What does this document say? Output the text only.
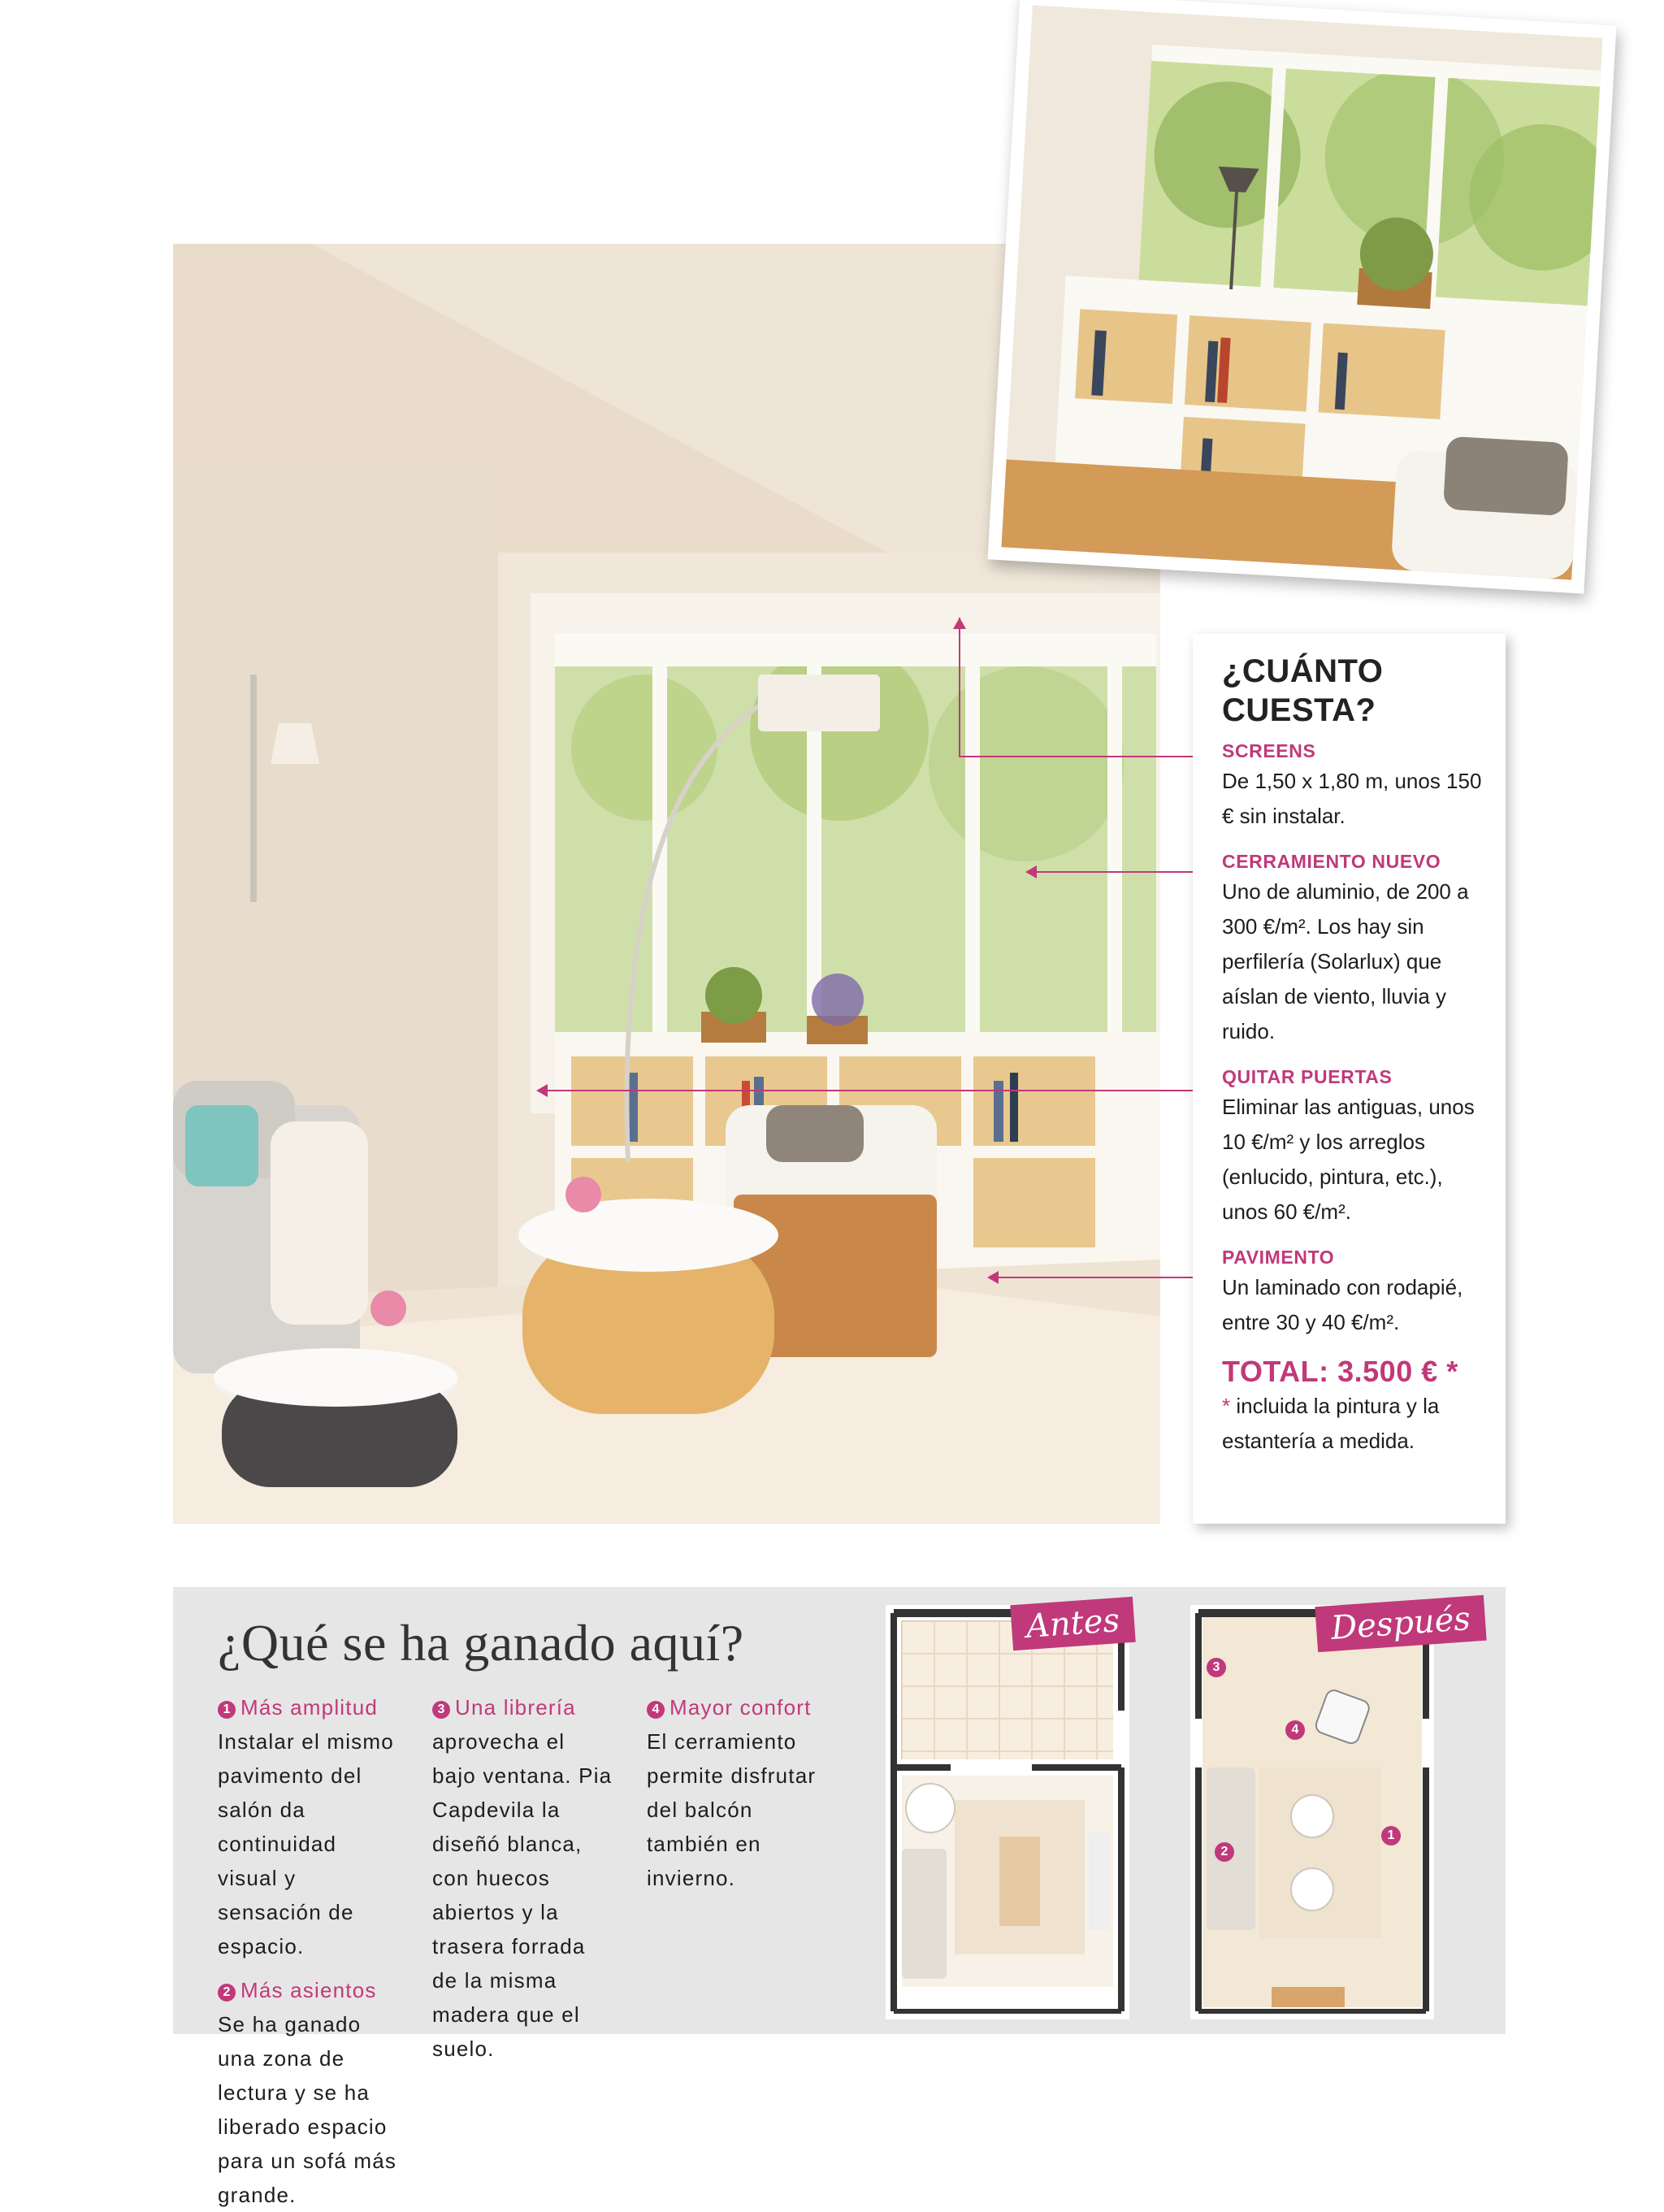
¿CUÁNTO CUESTA?
SCREENS
De 1,50 x 1,80 m, unos 150 € sin instalar.
CERRAMIENTO NUEVO
Uno de aluminio, de 200 a 300 €/m². Los hay sin perfilería (Solarlux) que aíslan de viento, lluvia y ruido.
QUITAR PUERTAS
Eliminar las antiguas, unos 10 €/m² y los arreglos (enlucido, pintura, etc.), unos 60 €/m².
PAVIMENTO
Un laminado con rodapié, entre 30 y 40 €/m².
TOTAL: 3.500 € *
* incluida la pintura y la estantería a medida.
¿Qué se ha ganado aquí?
1 Más amplitud Instalar el mismo pavimento del salón da continuidad visual y sensación de espacio.
2 Más asientos Se ha ganado una zona de lectura y se ha liberado espacio para un sofá más grande.
3 Una librería aprovecha el bajo ventana. Pia Capdevila la diseñó blanca, con huecos abiertos y la trasera forrada de la misma madera que el suelo.
4 Mayor confort El cerramiento permite disfrutar del balcón también en invierno.
Antes	Después
3
4
2
1
